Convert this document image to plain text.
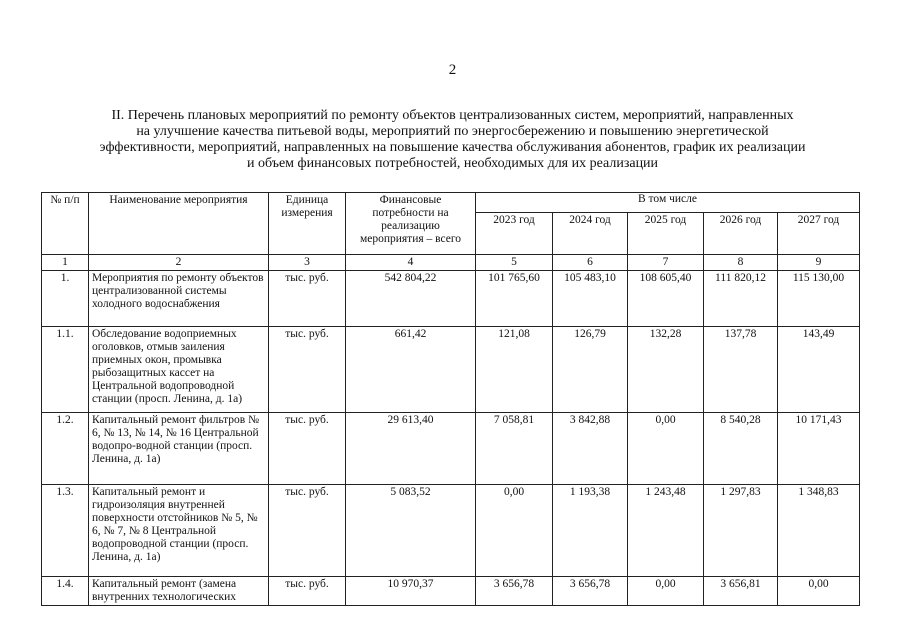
2
II. Перечень плановых мероприятий по ремонту объектов централизованных систем, мероприятий, направленных
на улучшение качества питьевой воды, мероприятий по энергосбережению и повышению энергетической
эффективности, мероприятий, направленных на повышение качества обслуживания абонентов, график их реализации
и объем финансовых потребностей, необходимых для их реализации
№ п/п	Наименование мероприятия	Единица измерения	Финансовые потребности на реализацию мероприятия – всего	В том числе				
				2023 год	2024 год	2025 год	2026 год	2027 год
1	2	3	4	5	6	7	8	9
1.	Мероприятия по ремонту объектов централизованной системы холодного водоснабжения	тыс. руб.	542 804,22	101 765,60	105 483,10	108 605,40	111 820,12	115 130,00
1.1.	Обследование водоприемных оголовков, отмыв заиления приемных окон, промывка рыбозащитных кассет на Центральной водопроводной станции (просп. Ленина, д. 1а)	тыс. руб.	661,42	121,08	126,79	132,28	137,78	143,49
1.2.	Капитальный ремонт фильтров № 6, № 13, № 14, № 16 Центральной водопро-водной станции (просп. Ленина, д. 1а)	тыс. руб.	29 613,40	7 058,81	3 842,88	0,00	8 540,28	10 171,43
1.3.	Капитальный ремонт и гидроизоляция внутренней поверхности отстойников № 5, № 6, № 7, № 8 Центральной водопроводной станции (просп. Ленина, д. 1а)	тыс. руб.	5 083,52	0,00	1 193,38	1 243,48	1 297,83	1 348,83
1.4.	Капитальный ремонт (замена внутренних технологических	тыс. руб.	10 970,37	3 656,78	3 656,78	0,00	3 656,81	0,00
